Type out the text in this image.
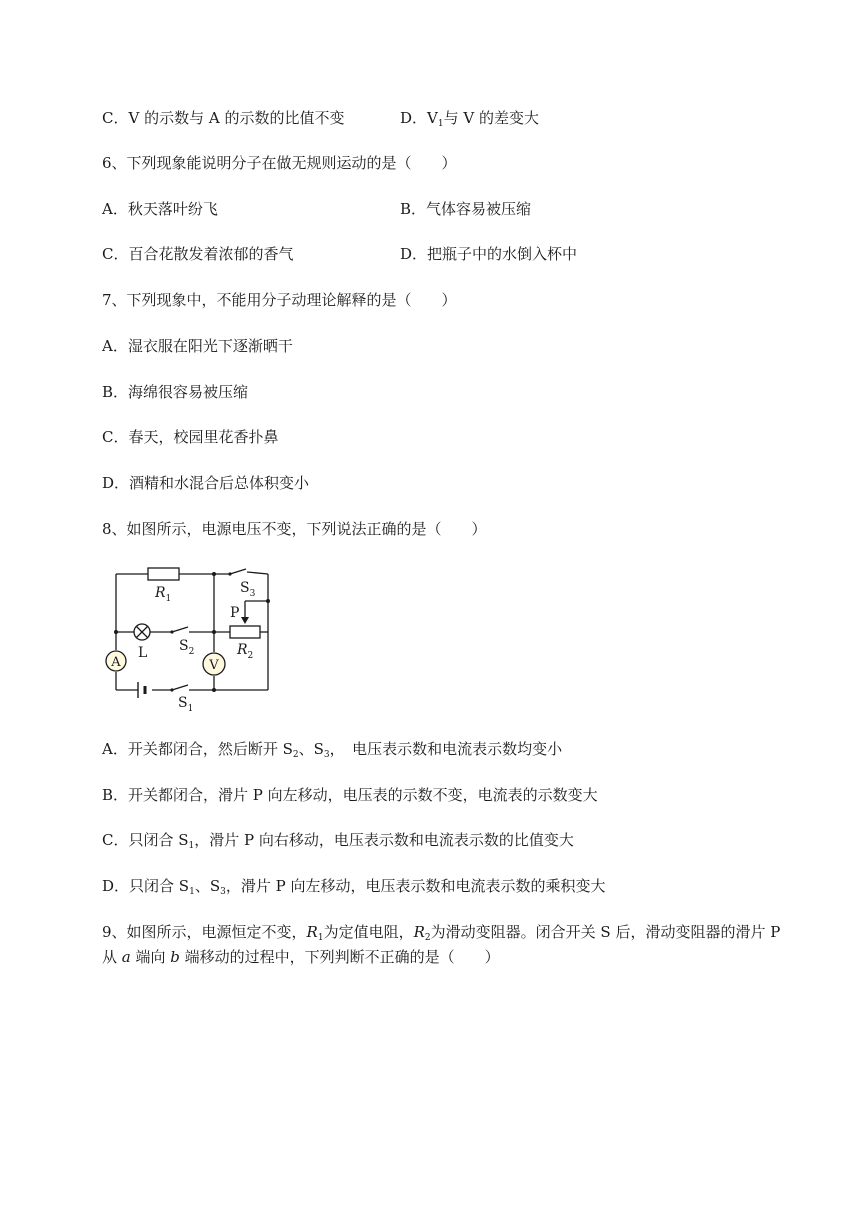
C．V 的示数与 A 的示数的比值不变	D．$V_1$与 V 的差变大
6、下列现象能说明分子在做无规则运动的是（　　）
A．秋天落叶纷飞	B．气体容易被压缩
C．百合花散发着浓郁的香气	D．把瓶子中的水倒入杯中
7、下列现象中，不能用分子动理论解释的是（　　）
A．湿衣服在阳光下逐渐晒干
B．海绵很容易被压缩
C．春天，校园里花香扑鼻
D．酒精和水混合后总体积变小
8、如图所示，电源电压不变，下列说法正确的是（　　）
A	V
$R_1$
$R_2$
$S_3$
$S_2$
$S_1$
P
L
A．开关都闭合，然后断开 $S_2$、$S_3$，　电压表示数和电流表示数均变小
B．开关都闭合，滑片 P 向左移动，电压表的示数不变，电流表的示数变大
C．只闭合 $S_1$，滑片 P 向右移动，电压表示数和电流表示数的比值变大
D．只闭合 $S_1$、$S_3$，滑片 P 向左移动，电压表示数和电流表示数的乘积变大
9、如图所示，电源恒定不变，$R_1$为定值电阻，$R_2$为滑动变阻器。闭合开关 S 后，滑动变阻器的滑片 P
从 a 端向 b 端移动的过程中，下列判断不正确的是（　　）
